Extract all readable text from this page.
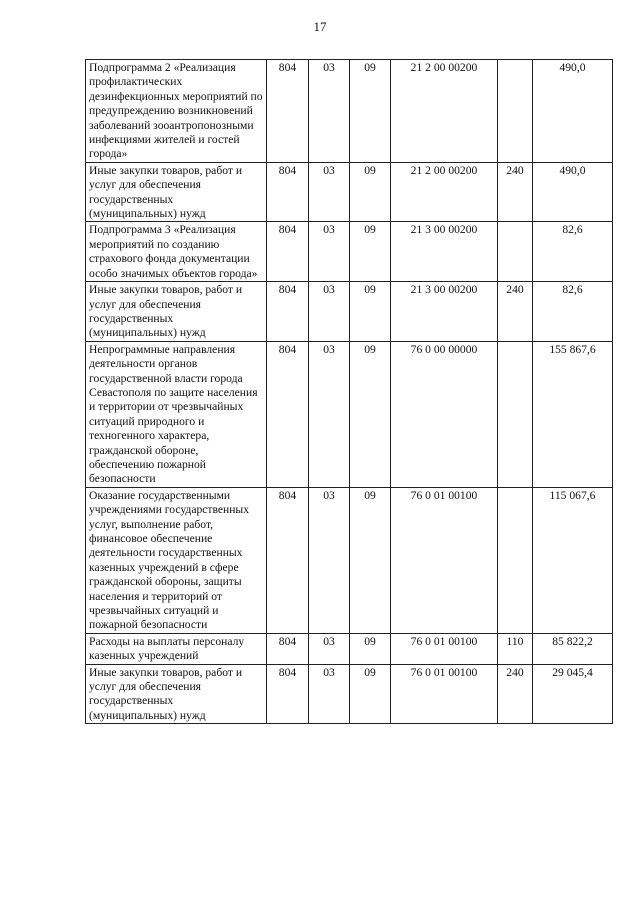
17
Подпрограмма 2 «Реализация профилактических дезинфекционных мероприятий по предупреждению возникновений заболеваний зооантропонозными инфекциями жителей и гостей города»	804	03	09	21 2 00 00200		490,0
Иные закупки товаров, работ и услуг для обеспечения государственных (муниципальных) нужд	804	03	09	21 2 00 00200	240	490,0
Подпрограмма 3 «Реализация мероприятий по созданию страхового фонда документации особо значимых объектов города»	804	03	09	21 3 00 00200		82,6
Иные закупки товаров, работ и услуг для обеспечения государственных (муниципальных) нужд	804	03	09	21 3 00 00200	240	82,6
Непрограммные направления деятельности органов государственной власти города Севастополя по защите населения и территории от чрезвычайных ситуаций природного и техногенного характера, гражданской обороне, обеспечению пожарной безопасности	804	03	09	76 0 00 00000		155 867,6
Оказание государственными учреждениями государственных услуг, выполнение работ, финансовое обеспечение деятельности государственных казенных учреждений в сфере гражданской обороны, защиты населения и территорий от чрезвычайных ситуаций и пожарной безопасности	804	03	09	76 0 01 00100		115 067,6
Расходы на выплаты персоналу казенных учреждений	804	03	09	76 0 01 00100	110	85 822,2
Иные закупки товаров, работ и услуг для обеспечения государственных (муниципальных) нужд	804	03	09	76 0 01 00100	240	29 045,4
